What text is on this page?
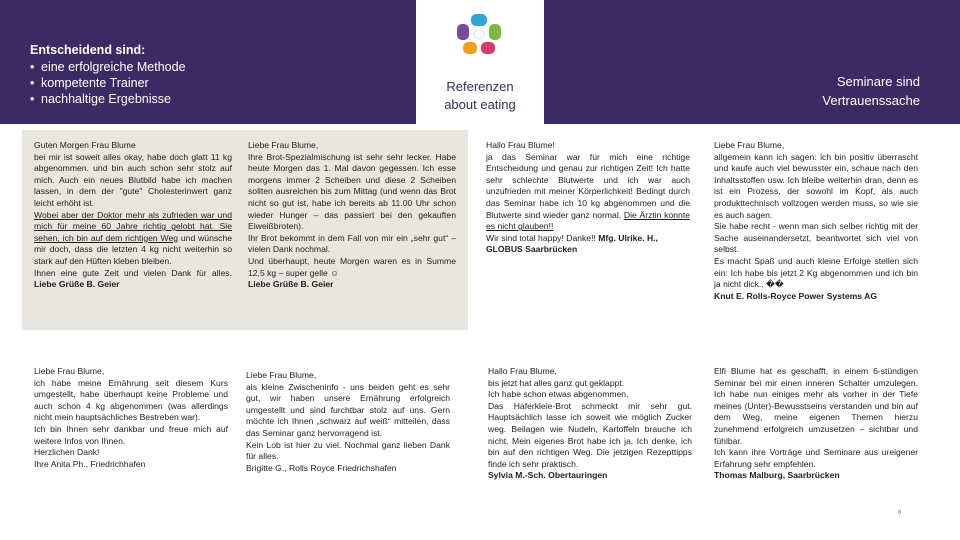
Entscheidend sind:
• eine erfolgreiche Methode
• kompetente Trainer
• nachhaltige Ergebnisse
Referenzen
about eating
Seminare sind
Vertrauenssache

Guten Morgen Frau Blume

bei mir ist soweit alles okay, habe doch glatt 11 kg abgenommen. und bin auch schon sehr stolz auf mich. Auch ein neues Blutbild habe ich machen lassen, in dem der "gute" Cholesterinwert ganz leicht erhöht ist.

Wobei aber der Doktor mehr als zufrieden war und mich für meine 60 Jahre richtig gelobt hat. Sie sehen, ich bin auf dem richtigen Weg und wünsche mir doch, dass die letzten 4 kg nicht weiterhin so stark auf den Hüften kleben bleiben.

Ihnen eine gute Zeit und vielen Dank für alles. Liebe Grüße B. Geier

Liebe Frau Blume,

Ihre Brot-Spezialmischung ist sehr sehr lecker. Habe heute Morgen das 1. Mal davon gegessen. Ich esse morgens immer 2 Scheiben und diese 2 Scheiben sollten ausreichen bis zum Mittag (und wenn das Brot nicht so gut ist, habe ich bereits ab 11.00 Uhr schon wieder Hunger – das passiert bei den gekauften Eiweißbroten).

Ihr Brot bekommt in dem Fall von mir ein „sehr gut“ – vielen Dank nochmal.

Und überhaupt, heute Morgen waren es in Summe 12,5 kg – super gelle ☺

Liebe Grüße B. Geier

Hallo Frau Blume!

ja das Seminar war für mich eine richtige Entscheidung und genau zur richtigen Zeit! Ich hatte sehr schlechte Blutwerte und ich war auch unzufrieden mit meiner Körperlichkeit! Bedingt durch das Seminar habe ich 10 kg abgenommen und die Blutwerte sind wieder ganz normal. Die Ärztin konnte es nicht glauben!!

Wir sind total happy! Danke!! Mfg. Ulrike. H.,

GLOBUS Saarbrücken

Liebe Frau Blume,

allgemein kann ich sagen: ich bin positiv überrascht und kaufe auch viel bewusster ein, schaue nach den Inhaltsstoffen usw. Ich bleibe weiterhin dran, denn es ist ein Prozess, der sowohl im Kopf, als auch produkttechnisch vollzogen werden muss, so wie sie es auch sagen.

Sie habe recht - wenn man sich selber richtig mit der Sache auseinandersetzt, beantwortet sich viel von selbst.

Es macht Spaß und auch kleine Erfolge stellen sich ein: Ich habe bis jetzt 2 Kg abgenommen und ich bin ja nicht dick.. ��

Knut E. Rolls-Royce Power Systems AG

Liebe Frau Blume,

ich habe meine Ernährung seit diesem Kurs umgestellt, habe überhaupt keine Probleme und auch schon 4 kg abgenommen (was allerdings nicht mein hauptsächliches Bestreben war).

Ich bin Ihnen sehr dankbar und freue mich auf weitere Infos von Ihnen.

Herzlichen Dank!

Ihre Anita Ph., Friedrichhafen

Liebe Frau Blume,

als kleine Zwischeninfo - uns beiden geht es sehr gut, wir haben unsere Ernährung erfolgreich umgestellt und sind furchtbar stolz auf uns. Gern möchte ich Ihnen „schwarz auf weiß“ mitteilen, dass das Seminar ganz hervorragend ist.

Kein Lob ist hier zu viel. Nochmal ganz lieben Dank für alles.

Brigitte G., Rolls Royce Friedrichshafen

Hallo Frau Blume,

bis jetzt hat alles ganz gut geklappt.

Ich habe schon etwas abgenommen.

Das Haferkleie-Brot schmeckt mir sehr gut. Hauptsächlich lasse ich soweit wie möglich Zucker weg. Beilagen wie Nudeln, Kartoffeln brauche ich nicht. Mein eigenes Brot habe ich ja. Ich denke, ich bin auf den richtigen Weg. Die jetzigen Rezepttipps finde ich sehr praktisch.

Sylvia M.-Sch. Obertauringen

Elfi Blume hat es geschafft, in einem 6-stündigen Seminar bei mir einen inneren Schalter umzulegen. Ich habe nun einiges mehr als vorher in der Tiefe meines (Unter)-Bewusstseins verstanden und bin auf dem Weg, meine eigenen Themen hierzu zunehmend erfolgreich umzusetzen – sichtbar und fühlbar.

Ich kann ihre Vorträge und Seminare aus ureigener Erfahrung sehr empfehlen.

Thomas Malburg, Saarbrücken

6
